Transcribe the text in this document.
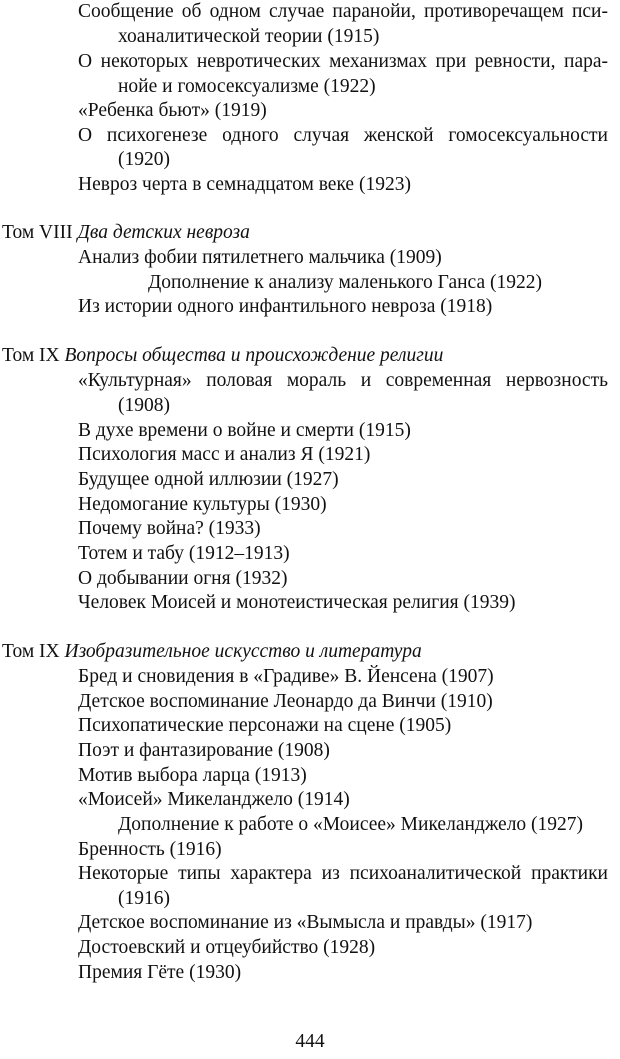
Сообщение об одном случае паранойи, противоречащем пси-
хоаналитической теории (1915)
О некоторых невротических механизмах при ревности, пара-
нойе и гомосексуализме (1922)
«Ребенка бьют» (1919)
О психогенезе одного случая женской гомосексуальности
(1920)
Невроз черта в семнадцатом веке (1923)
Том VIII Два детских невроза
Анализ фобии пятилетнего мальчика (1909)
Дополнение к анализу маленького Ганса (1922)
Из истории одного инфантильного невроза (1918)
Том IX Вопросы общества и происхождение религии
«Культурная» половая мораль и современная нервозность
(1908)
В духе времени о войне и смерти (1915)
Психология масс и анализ Я (1921)
Будущее одной иллюзии (1927)
Недомогание культуры (1930)
Почему война? (1933)
Тотем и табу (1912–1913)
О добывании огня (1932)
Человек Моисей и монотеистическая религия (1939)
Том IX Изобразительное искусство и литература
Бред и сновидения в «Градиве» В. Йенсена (1907)
Детское воспоминание Леонардо да Винчи (1910)
Психопатические персонажи на сцене (1905)
Поэт и фантазирование (1908)
Мотив выбора ларца (1913)
«Моисей» Микеланджело (1914)
Дополнение к работе о «Моисее» Микеланджело (1927)
Бренность (1916)
Некоторые типы характера из психоаналитической практики
(1916)
Детское воспоминание из «Вымысла и правды» (1917)
Достоевский и отцеубийство (1928)
Премия Гёте (1930)
444
